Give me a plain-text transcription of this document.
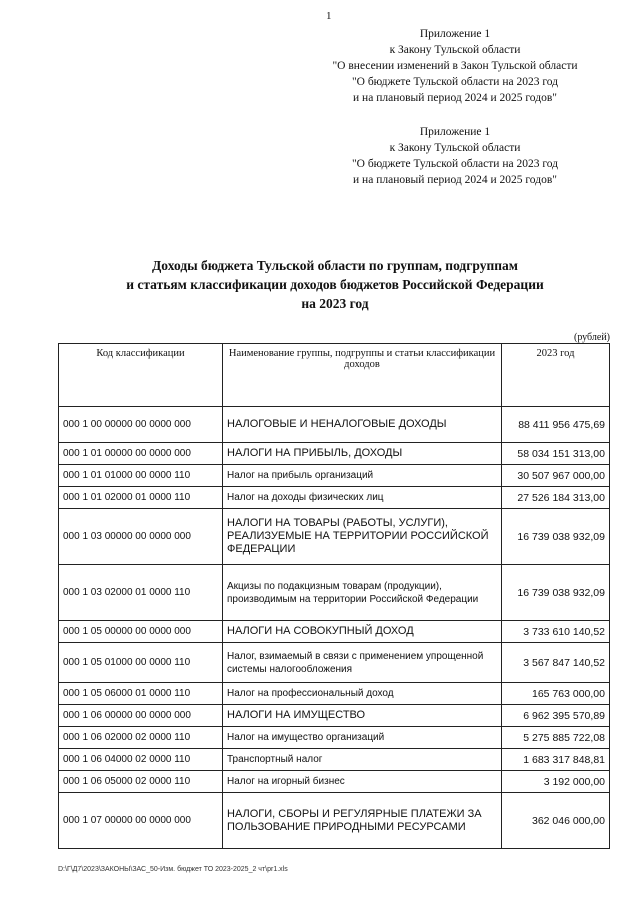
1
Приложение 1
к Закону Тульской области
"О внесении изменений в Закон Тульской области
"О бюджете Тульской области на 2023 год
и на плановый период 2024 и 2025 годов"
Приложение 1
к Закону Тульской области
"О бюджете Тульской области на 2023 год
и на плановый период 2024 и 2025 годов"
Доходы бюджета Тульской области по группам, подгруппам
и статьям классификации доходов бюджетов Российской Федерации
на 2023 год
(рублей)
Код классификации	Наименование группы, подгруппы и статьи классификации доходов	2023 год
000 1 00 00000 00 0000 000	НАЛОГОВЫЕ И НЕНАЛОГОВЫЕ ДОХОДЫ	88 411 956 475,69
000 1 01 00000 00 0000 000	НАЛОГИ НА ПРИБЫЛЬ, ДОХОДЫ	58 034 151 313,00
000 1 01 01000 00 0000 110	Налог на прибыль организаций	30 507 967 000,00
000 1 01 02000 01 0000 110	Налог на доходы физических лиц	27 526 184 313,00
000 1 03 00000 00 0000 000	НАЛОГИ НА ТОВАРЫ (РАБОТЫ, УСЛУГИ), РЕАЛИЗУЕМЫЕ НА ТЕРРИТОРИИ РОССИЙСКОЙ ФЕДЕРАЦИИ	16 739 038 932,09
000 1 03 02000 01 0000 110	Акцизы по подакцизным товарам (продукции), производимым на территории Российской Федерации	16 739 038 932,09
000 1 05 00000 00 0000 000	НАЛОГИ НА СОВОКУПНЫЙ ДОХОД	3 733 610 140,52
000 1 05 01000 00 0000 110	Налог, взимаемый в связи с применением упрощенной системы налогообложения	3 567 847 140,52
000 1 05 06000 01 0000 110	Налог на профессиональный доход	165 763 000,00
000 1 06 00000 00 0000 000	НАЛОГИ НА ИМУЩЕСТВО	6 962 395 570,89
000 1 06 02000 02 0000 110	Налог на имущество организаций	5 275 885 722,08
000 1 06 04000 02 0000 110	Транспортный налог	1 683 317 848,81
000 1 06 05000 02 0000 110	Налог на игорный бизнес	3 192 000,00
000 1 07 00000 00 0000 000	НАЛОГИ, СБОРЫ И РЕГУЛЯРНЫЕ ПЛАТЕЖИ ЗА ПОЛЬЗОВАНИЕ ПРИРОДНЫМИ РЕСУРСАМИ	362 046 000,00
D:\Г\Д7\2023\ЗАКОНЫ\ЗАС_50-Изм. бюджет ТО 2023-2025_2 чт\pr1.xls
